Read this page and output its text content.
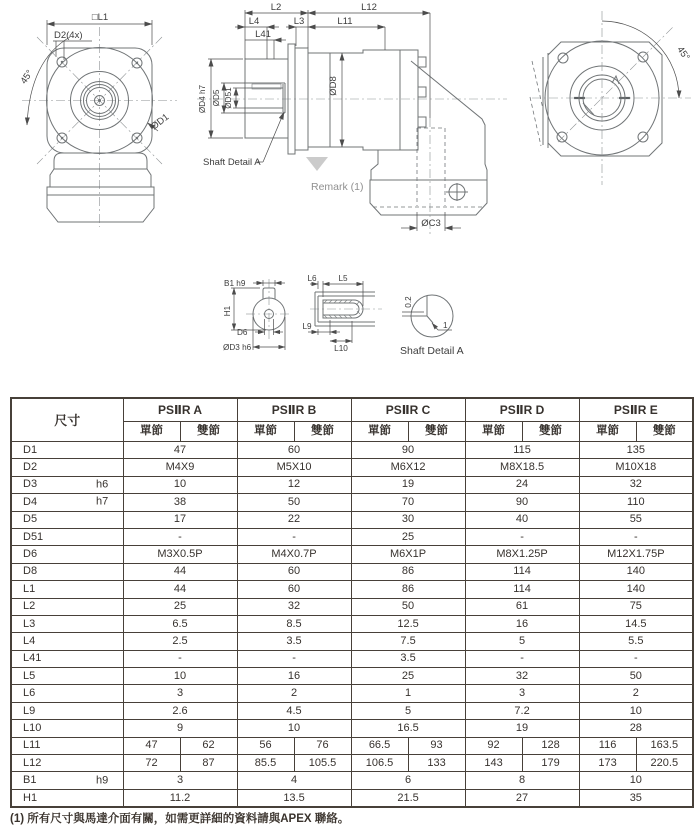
□L1
D2(4x)
45°
ØD1
Remark (1)
Shaft Detail A
L2	L12
L4
L41
L3	L11
ØD4 h7 ØD5 ØD51
ØD8
ØC3
45°
B1 h9
H1
D6
ØD3 h6
L6	L5
L9
L10
0.2
1
Shaft Detail A
尺寸	PSⅡR A		PSⅡR B		PSⅡR C		PSⅡR D		PSⅡR E	
	單節	雙節	單節	雙節	單節	雙節	單節	雙節	單節	雙節
D1	47		60		90		115		135	
D2	M4X9		M5X10		M6X12		M8X18.5		M10X18	
D3 h6	10		12		19		24		32	
D4 h7	38		50		70		90		110	
D5	17		22		30		40		55	
D51	-		-		25		-		-	
D6	M3X0.5P		M4X0.7P		M6X1P		M8X1.25P		M12X1.75P	
D8	44		60		86		114		140	
L1	44		60		86		114		140	
L2	25		32		50		61		75	
L3	6.5		8.5		12.5		16		14.5	
L4	2.5		3.5		7.5		5		5.5	
L41	-		-		3.5		-		-	
L5	10		16		25		32		50	
L6	3		2		1		3		2	
L9	2.6		4.5		5		7.2		10	
L10	9		10		16.5		19		28	
L11	47	62	56	76	66.5	93	92	128	116	163.5
L12	72	87	85.5	105.5	106.5	133	143	179	173	220.5
B1 h9	3		4		6		8		10	
H1	11.2		13.5		21.5		27		35	
(1) 所有尺寸與馬達介面有關，如需更詳細的資料請與APEX 聯絡。
